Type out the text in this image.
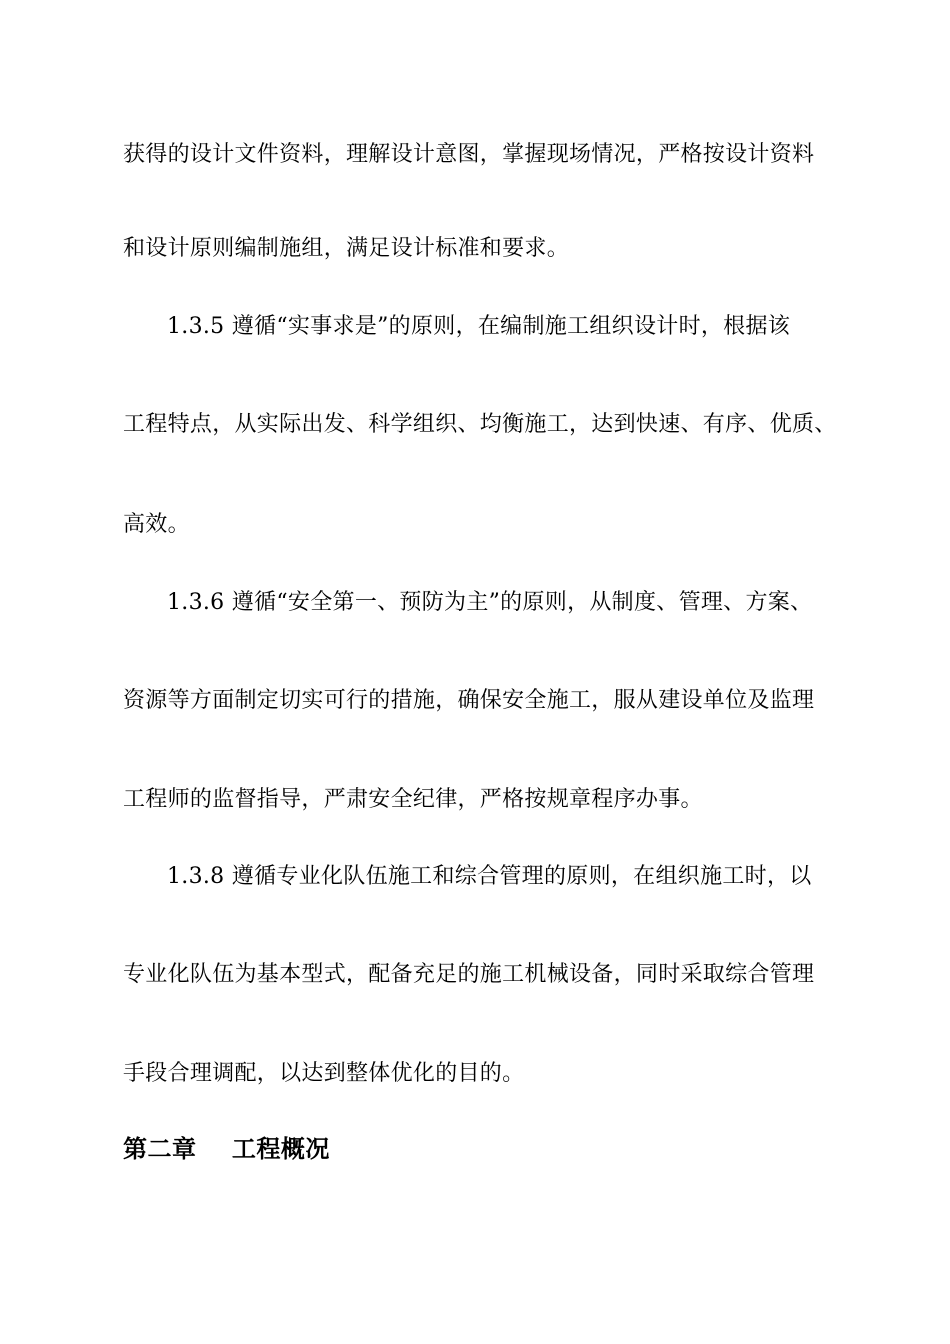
获得的设计文件资料，理解设计意图，掌握现场情况，严格按设计资料
和设计原则编制施组，满足设计标准和要求。
1.3.5 遵循“实事求是”的原则，在编制施工组织设计时，根据该
工程特点，从实际出发、科学组织、均衡施工，达到快速、有序、优质、
高效。
1.3.6 遵循“安全第一、预防为主”的原则，从制度、管理、方案、
资源等方面制定切实可行的措施，确保安全施工，服从建设单位及监理
工程师的监督指导，严肃安全纪律，严格按规章程序办事。
1.3.8 遵循专业化队伍施工和综合管理的原则，在组织施工时，以
专业化队伍为基本型式，配备充足的施工机械设备，同时采取综合管理
手段合理调配，以达到整体优化的目的。
第二章    工程概况
